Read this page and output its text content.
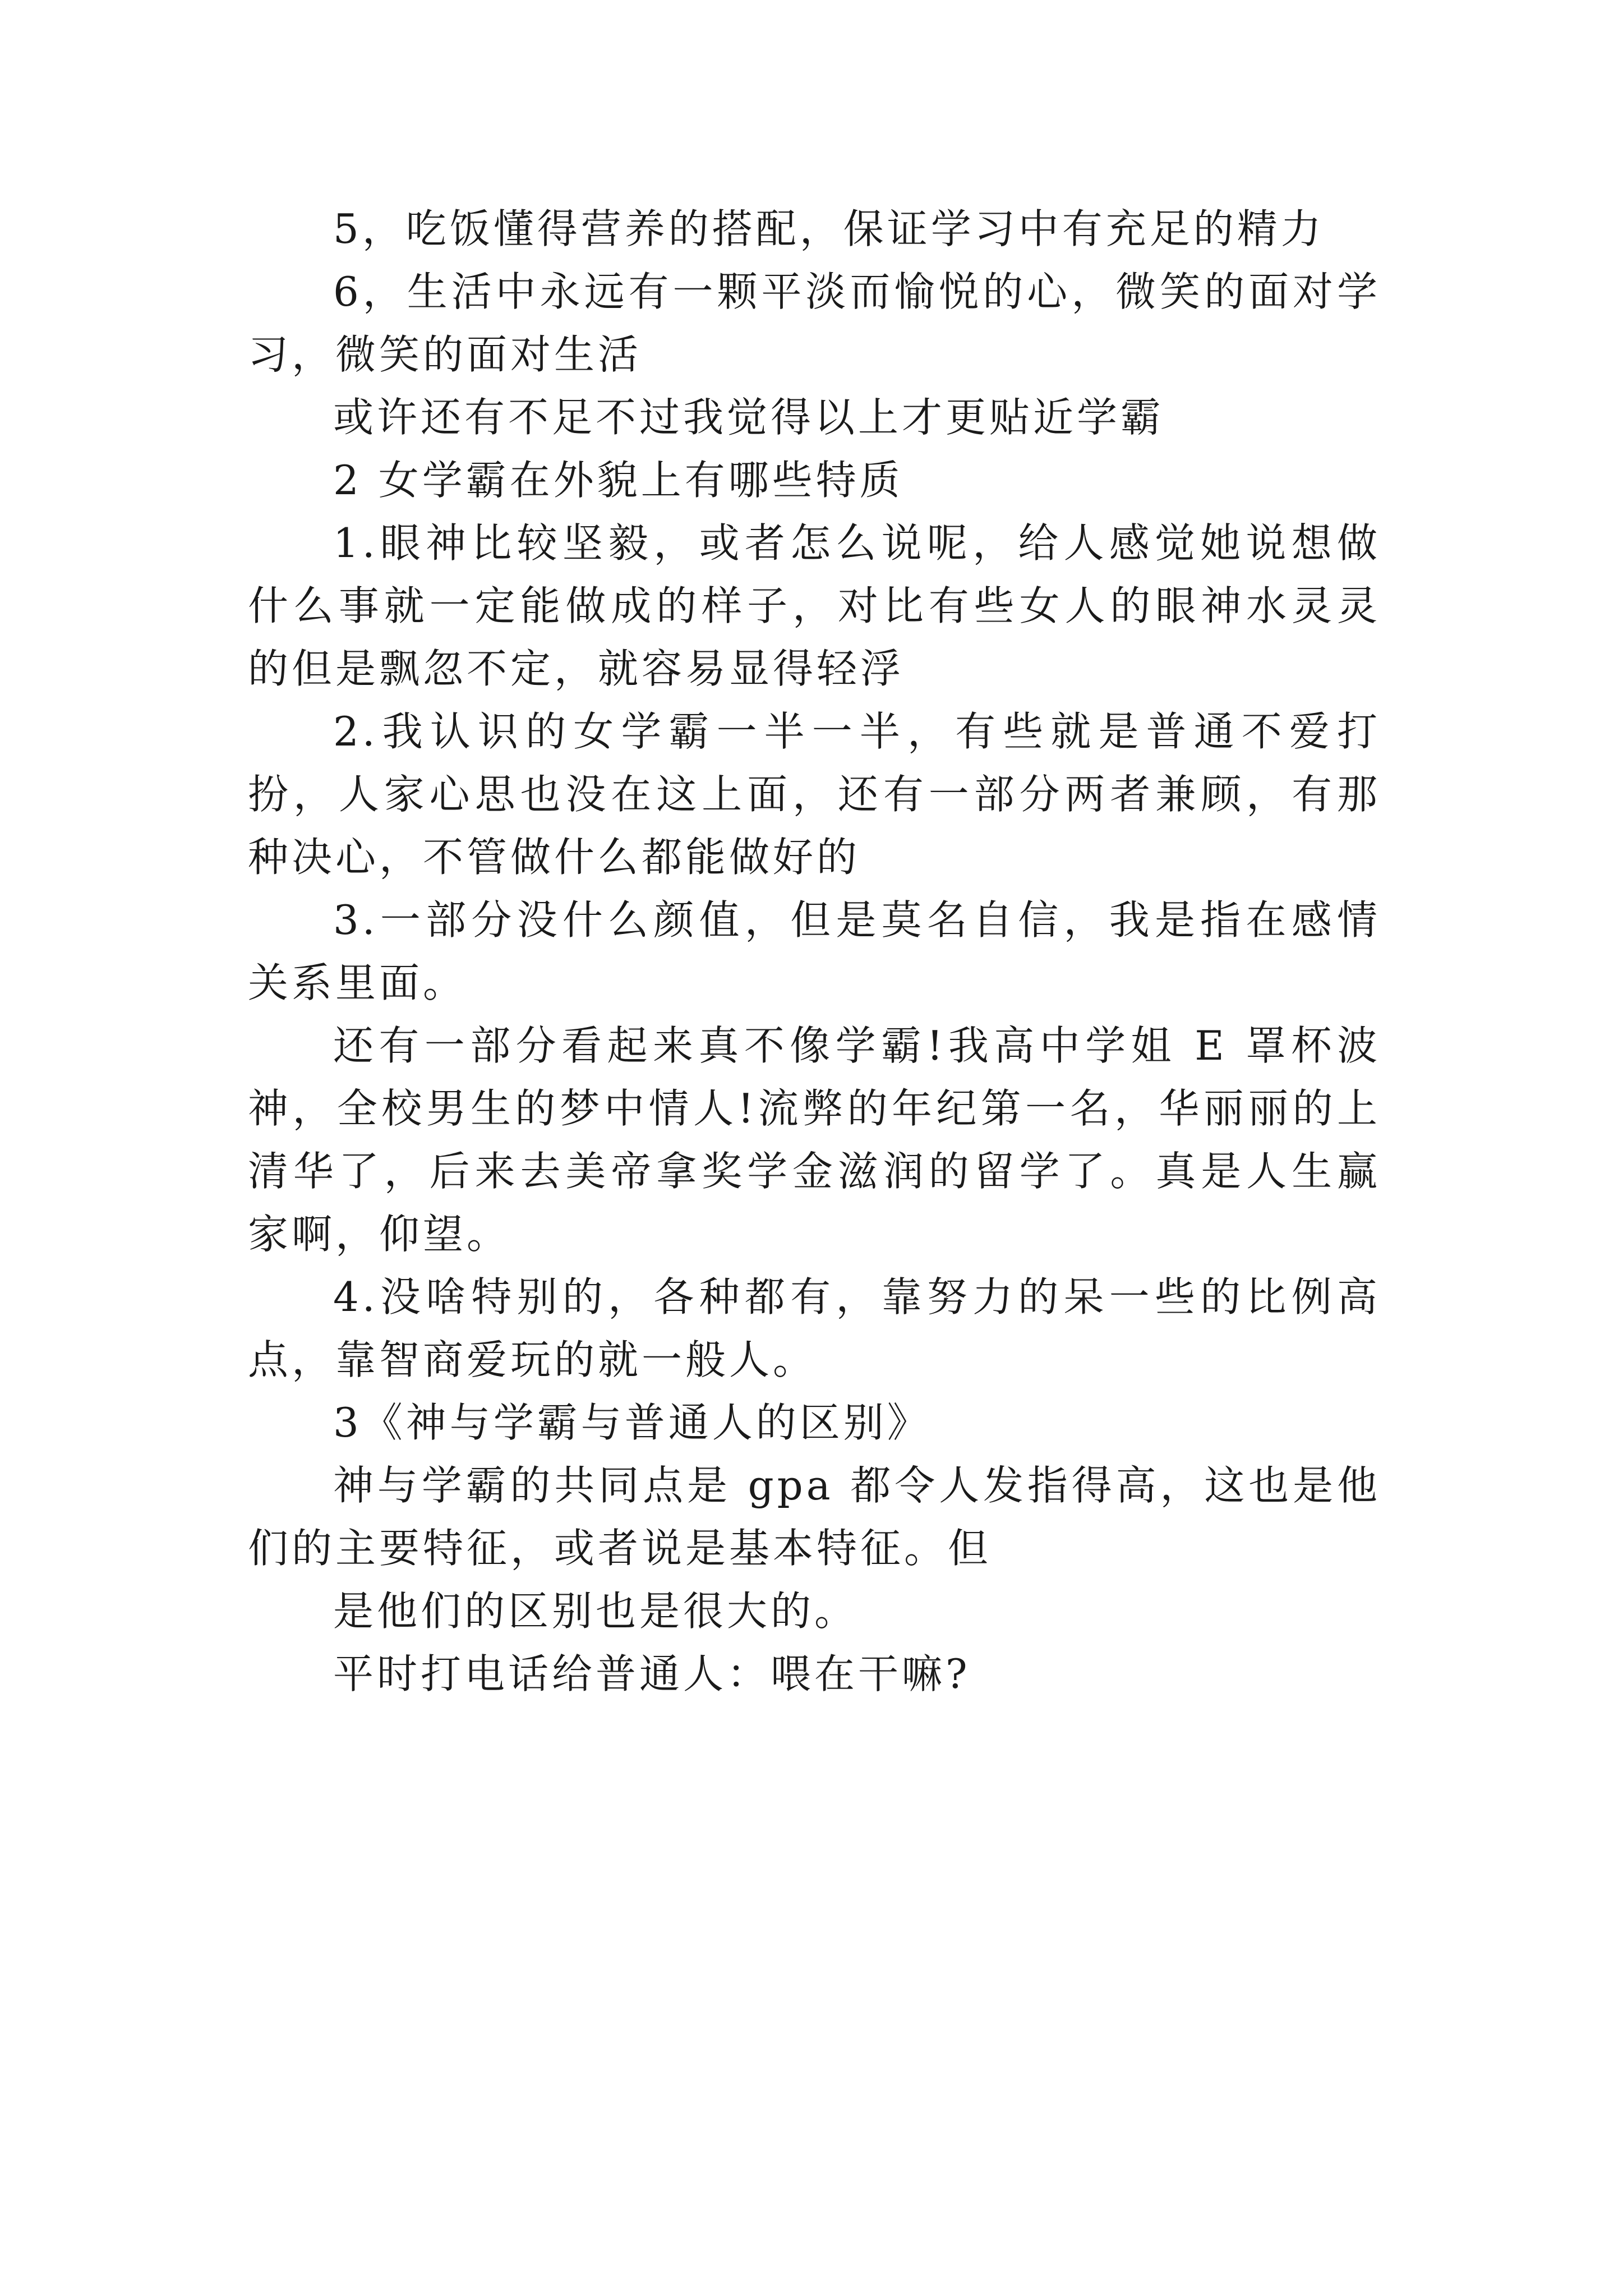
5，吃饭懂得营养的搭配，保证学习中有充足的精力

6，生活中永远有一颗平淡而愉悦的心，微笑的面对学习，微笑的面对生活

或许还有不足不过我觉得以上才更贴近学霸

2 女学霸在外貌上有哪些特质

1.眼神比较坚毅，或者怎么说呢，给人感觉她说想做什么事就一定能做成的样子，对比有些女人的眼神水灵灵的但是飘忽不定，就容易显得轻浮

2.我认识的女学霸一半一半，有些就是普通不爱打扮，人家心思也没在这上面，还有一部分两者兼顾，有那种决心，不管做什么都能做好的

3.一部分没什么颜值，但是莫名自信，我是指在感情关系里面。

还有一部分看起来真不像学霸!我高中学姐 E 罩杯波神，全校男生的梦中情人!流弊的年纪第一名，华丽丽的上清华了，后来去美帝拿奖学金滋润的留学了。真是人生赢家啊，仰望。

4.没啥特别的，各种都有，靠努力的呆一些的比例高点，靠智商爱玩的就一般人。

3《神与学霸与普通人的区别》

神与学霸的共同点是 gpa 都令人发指得高，这也是他们的主要特征，或者说是基本特征。但

是他们的区别也是很大的。

平时打电话给普通人：喂在干嘛?
